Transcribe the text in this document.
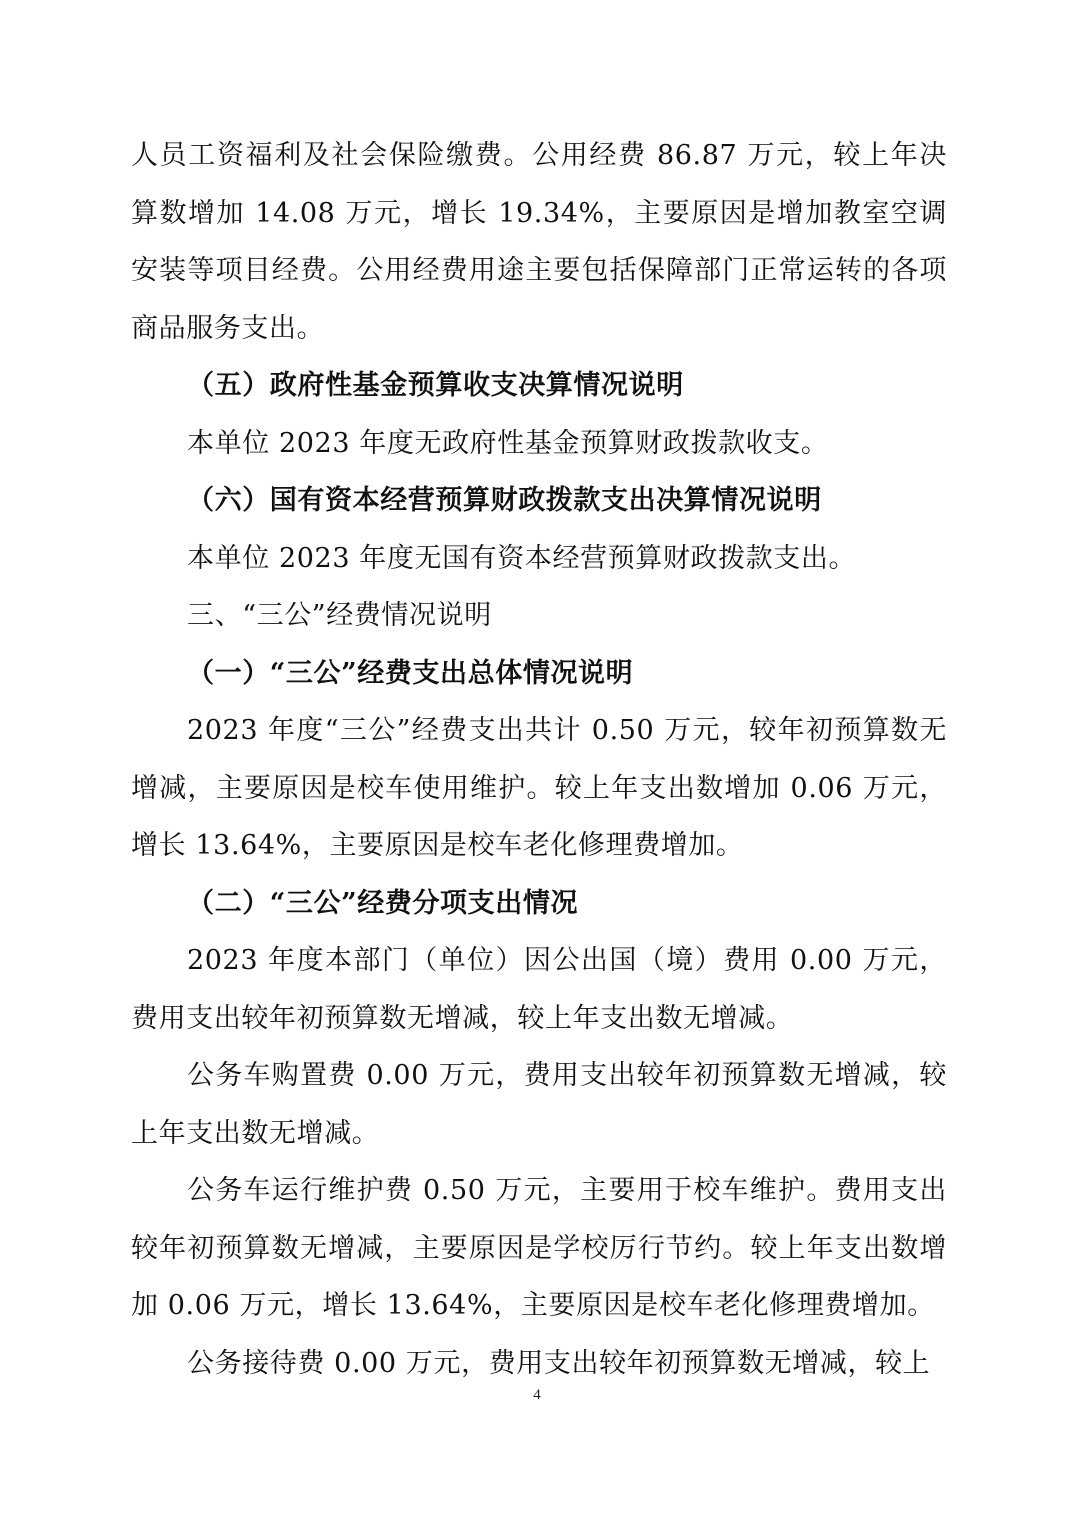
人员工资福利及社会保险缴费。公用经费 86.87 万元，较上年决算数增加 14.08 万元，增长 19.34%，主要原因是增加教室空调安装等项目经费。公用经费用途主要包括保障部门正常运转的各项商品服务支出。

（五）政府性基金预算收支决算情况说明

本单位 2023 年度无政府性基金预算财政拨款收支。

（六）国有资本经营预算财政拨款支出决算情况说明

本单位 2023 年度无国有资本经营预算财政拨款支出。

三、“三公”经费情况说明

（一）“三公”经费支出总体情况说明

2023 年度“三公”经费支出共计 0.50 万元，较年初预算数无增减，主要原因是校车使用维护。较上年支出数增加 0.06 万元，增长 13.64%，主要原因是校车老化修理费增加。

（二）“三公”经费分项支出情况

2023 年度本部门（单位）因公出国（境）费用 0.00 万元，费用支出较年初预算数无增减，较上年支出数无增减。

公务车购置费 0.00 万元，费用支出较年初预算数无增减，较上年支出数无增减。

公务车运行维护费 0.50 万元，主要用于校车维护。费用支出较年初预算数无增减，主要原因是学校厉行节约。较上年支出数增加 0.06 万元，增长 13.64%，主要原因是校车老化修理费增加。

公务接待费 0.00 万元，费用支出较年初预算数无增减，较上

4
